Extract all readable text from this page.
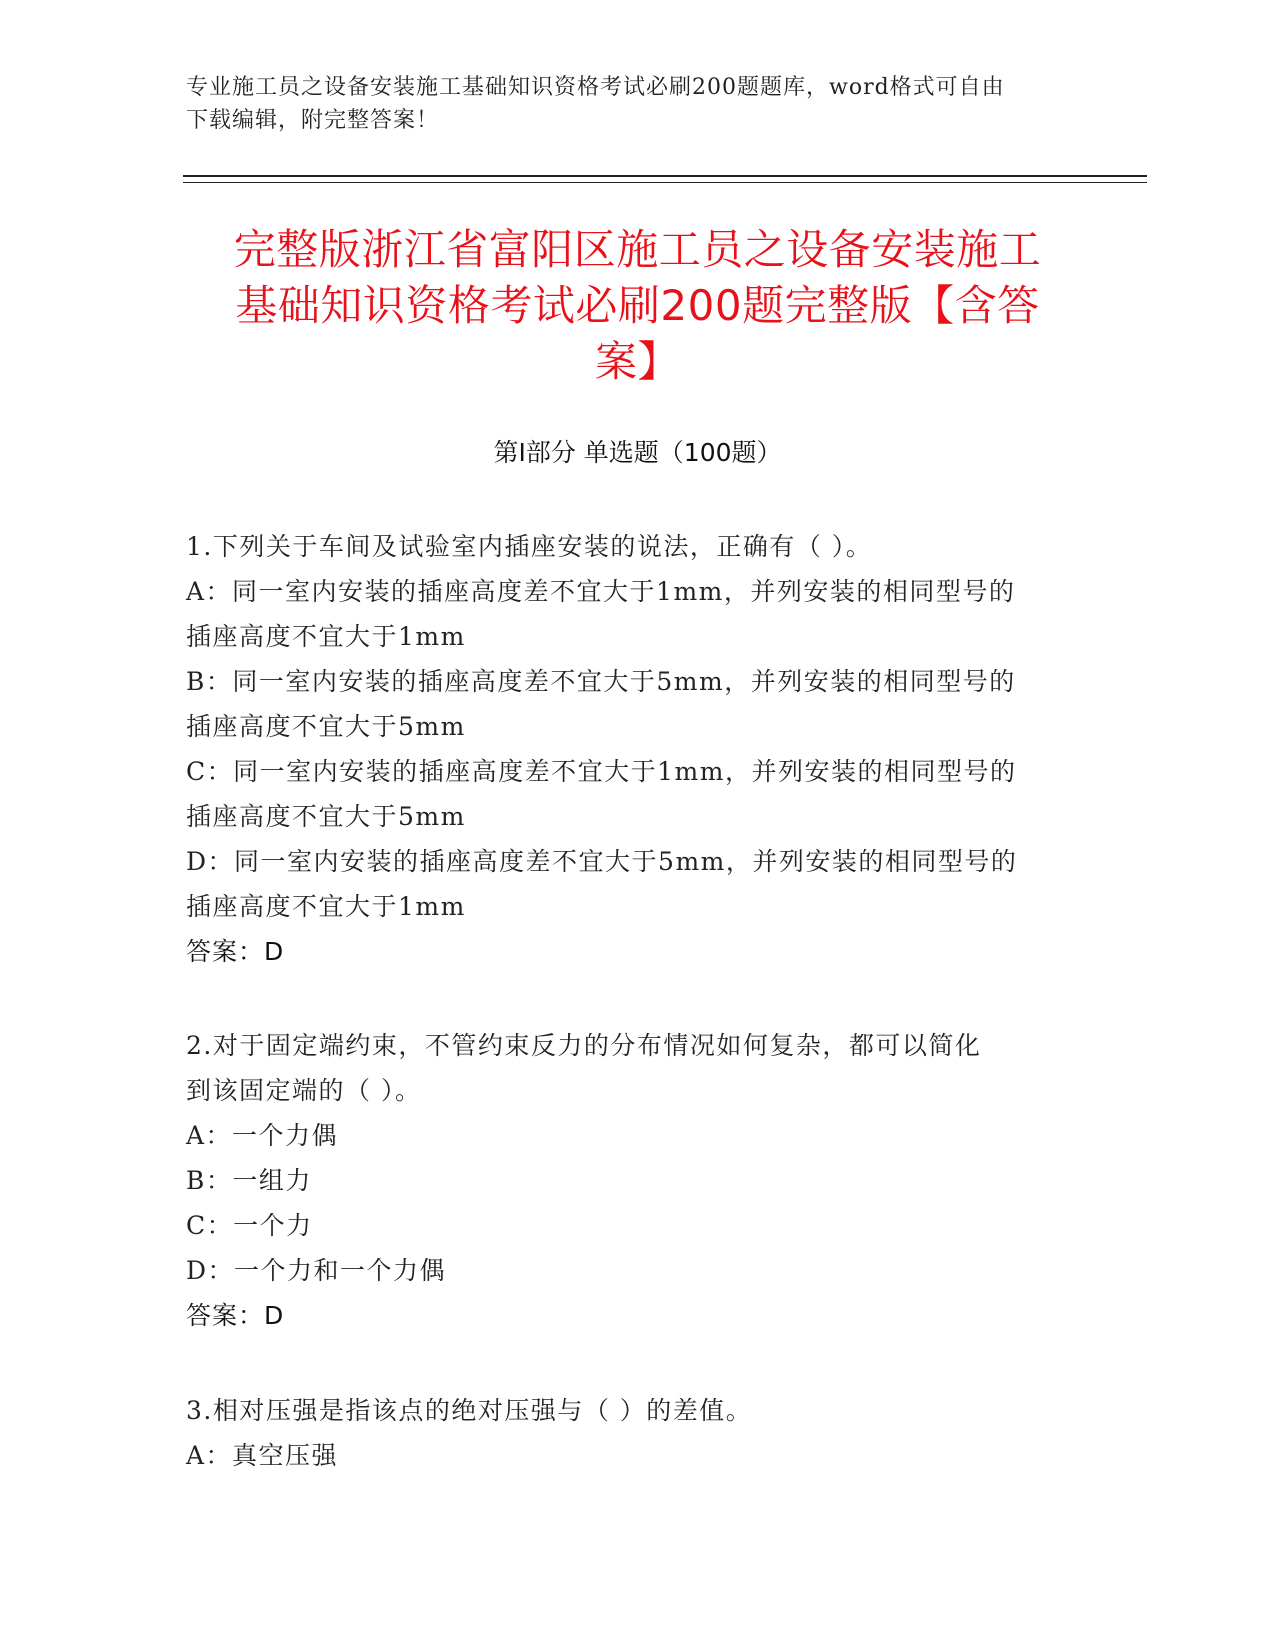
专业施工员之设备安装施工基础知识资格考试必刷200题题库，word格式可自由
下载编辑，附完整答案！
完整版浙江省富阳区施工员之设备安装施工
基础知识资格考试必刷200题完整版【含答
案】
第I部分 单选题（100题）
1.下列关于车间及试验室内插座安装的说法，正确有（ ）。
A：同一室内安装的插座高度差不宜大于1mm，并列安装的相同型号的
插座高度不宜大于1mm
B：同一室内安装的插座高度差不宜大于5mm，并列安装的相同型号的
插座高度不宜大于5mm
C：同一室内安装的插座高度差不宜大于1mm，并列安装的相同型号的
插座高度不宜大于5mm
D：同一室内安装的插座高度差不宜大于5mm，并列安装的相同型号的
插座高度不宜大于1mm
答案：D
2.对于固定端约束，不管约束反力的分布情况如何复杂，都可以简化
到该固定端的（ ）。
A：一个力偶
B：一组力
C：一个力
D：一个力和一个力偶
答案：D
3.相对压强是指该点的绝对压强与（ ）的差值。
A：真空压强
